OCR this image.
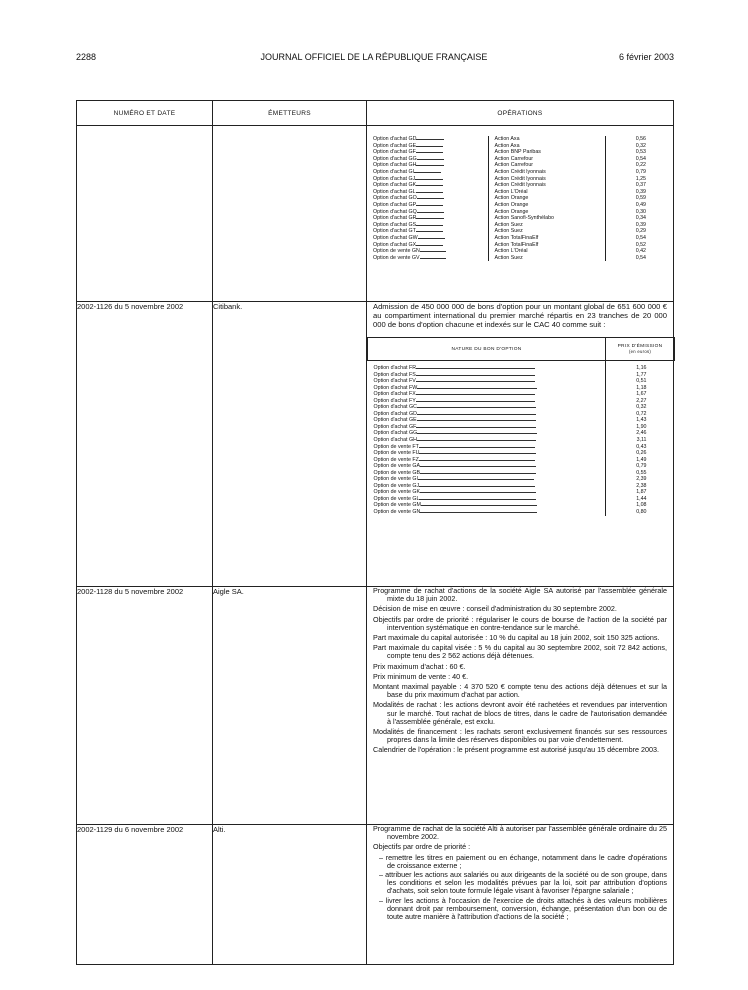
2288	JOURNAL OFFICIEL DE LA RÉPUBLIQUE FRANÇAISE	6 février 2003
NUMÉRO ET DATE	ÉMETTEURS	OPÉRATIONS

Option d'achat GD	Action Axa	0,56
Option d'achat GE	Action Axa	0,32
Option d'achat GF	Action BNP Paribas	0,53
Option d'achat GG	Action Carrefour	0,54
Option d'achat GH	Action Carrefour	0,22
Option d'achat GI	Action Crédit lyonnais	0,79
Option d'achat GJ	Action Crédit lyonnais	1,25
Option d'achat GK	Action Crédit lyonnais	0,37
Option d'achat GL	Action L'Oréal	0,39
Option d'achat GO	Action Orange	0,59
Option d'achat GP	Action Orange	0,49
Option d'achat GQ	Action Orange	0,30
Option d'achat GR	Action Sanofi-Synthélabo	0,34
Option d'achat GS	Action Suez	0,39
Option d'achat GT	Action Suez	0,29
Option d'achat GW	Action TotalFinaElf	0,54
Option d'achat GX	Action TotalFinaElf	0,52
Option de vente GN	Action L'Oréal	0,42
Option de vente GV	Action Suez	0,54

2002-1126 du 5 novembre 2002	Citibank.	Admission de 450 000 000 de bons d'option pour un montant global de 651 600 000 € au compartiment international du premier marché répartis en 23 tranches de 20 000 000 de bons d'option chacune et indexés sur le CAC 40 comme suit :

NATURE DU BON D'OPTION	PRIX D'ÉMISSION
(en euros)

Option d'achat FR	1,16
Option d'achat FS	1,77
Option d'achat FV	0,51
Option d'achat FW	1,18
Option d'achat FX	1,67
Option d'achat FY	2,27
Option d'achat GC	0,32
Option d'achat GD	0,72
Option d'achat GE	1,43
Option d'achat GF	1,90
Option d'achat GG	2,46
Option d'achat GH	3,11
Option de vente FT	0,43
Option de vente FU	0,26
Option de vente FZ	1,49
Option de vente GA	0,79
Option de vente GB	0,55
Option de vente GI	2,39
Option de vente GJ	2,38
Option de vente GK	1,87
Option de vente GL	1,44
Option de vente GM	1,08
Option de vente GN	0,80

2002-1128 du 5 novembre 2002	Aigle SA.	Programme de rachat d'actions de la société Aigle SA autorisé par l'assemblée générale mixte du 18 juin 2002.

Décision de mise en œuvre : conseil d'administration du 30 septembre 2002.

Objectifs par ordre de priorité : régulariser le cours de bourse de l'action de la société par intervention systématique en contre-tendance sur le marché.

Part maximale du capital autorisée : 10 % du capital au 18 juin 2002, soit 150 325 actions.

Part maximale du capital visée : 5 % du capital au 30 septembre 2002, soit 72 842 actions, compte tenu des 2 562 actions déjà détenues.

Prix maximum d'achat : 60 €.

Prix minimum de vente : 40 €.

Montant maximal payable : 4 370 520 € compte tenu des actions déjà détenues et sur la base du prix maximum d'achat par action.

Modalités de rachat : les actions devront avoir été rachetées et revendues par intervention sur le marché. Tout rachat de blocs de titres, dans le cadre de l'autorisation demandée à l'assemblée générale, est exclu.

Modalités de financement : les rachats seront exclusivement financés sur ses ressources propres dans la limite des réserves disponibles ou par voie d'endettement.

Calendrier de l'opération : le présent programme est autorisé jusqu'au 15 décembre 2003.

2002-1129 du 6 novembre 2002	Alti.	Programme de rachat de la société Alti à autoriser par l'assemblée générale ordinaire du 25 novembre 2002.

Objectifs par ordre de priorité :

– remettre les titres en paiement ou en échange, notamment dans le cadre d'opérations de croissance externe ;
– attribuer les actions aux salariés ou aux dirigeants de la société ou de son groupe, dans les conditions et selon les modalités prévues par la loi, soit par attribution d'options d'achats, soit selon toute formule légale visant à favoriser l'épargne salariale ;
– livrer les actions à l'occasion de l'exercice de droits attachés à des valeurs mobilières donnant droit par remboursement, conversion, échange, présentation d'un bon ou de toute autre manière à l'attribution d'actions de la société ;
